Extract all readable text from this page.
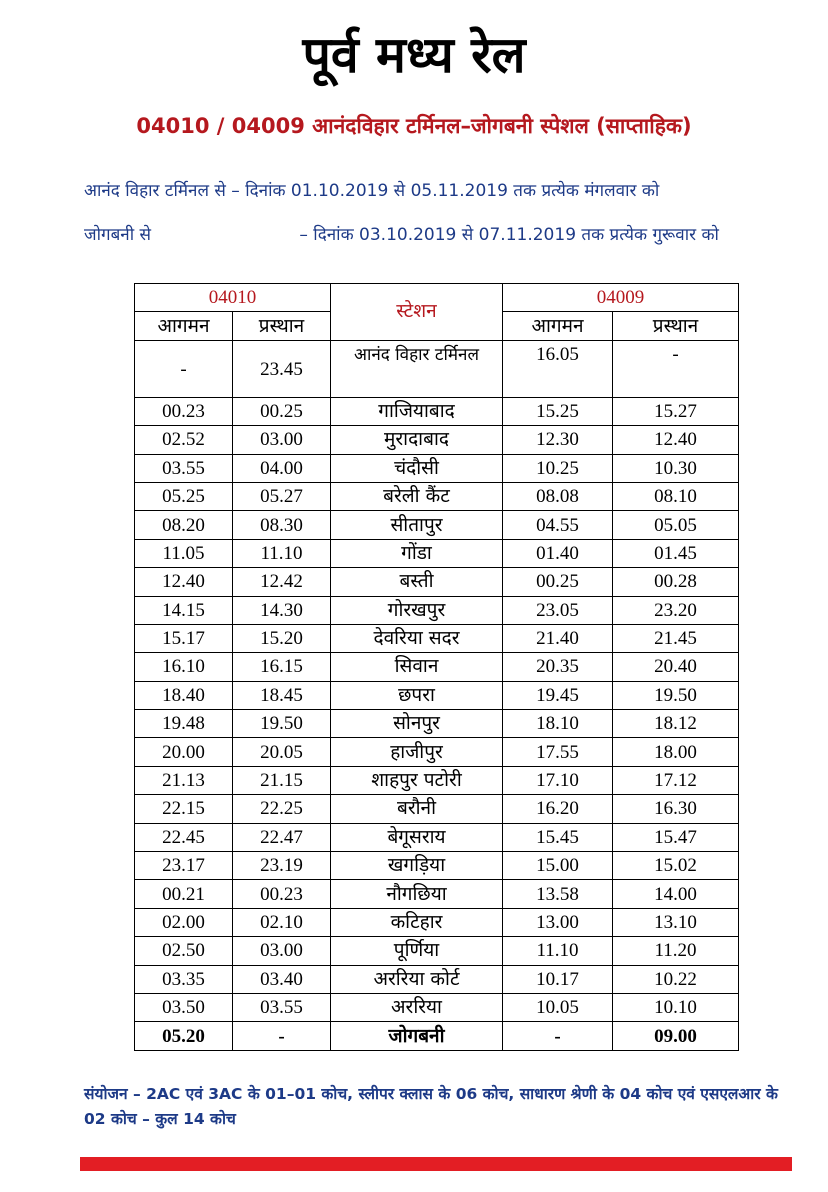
पूर्व मध्य रेल
04010 / 04009 आनंदविहार टर्मिनल–जोगबनी स्पेशल (साप्ताहिक)
आनंद विहार टर्मिनल से – दिनांक 01.10.2019 से 05.11.2019 तक प्रत्येक मंगलवार को
जोगबनी से	– दिनांक 03.10.2019 से 07.11.2019 तक प्रत्येक गुरूवार को
04010		स्टेशन	04009	
आगमन	प्रस्थान		आगमन	प्रस्थान
-	23.45	आनंद विहार टर्मिनल	16.05	-
00.23	00.25	गाजियाबाद	15.25	15.27
02.52	03.00	मुरादाबाद	12.30	12.40
03.55	04.00	चंदौसी	10.25	10.30
05.25	05.27	बरेली कैंट	08.08	08.10
08.20	08.30	सीतापुर	04.55	05.05
11.05	11.10	गोंडा	01.40	01.45
12.40	12.42	बस्ती	00.25	00.28
14.15	14.30	गोरखपुर	23.05	23.20
15.17	15.20	देवरिया सदर	21.40	21.45
16.10	16.15	सिवान	20.35	20.40
18.40	18.45	छपरा	19.45	19.50
19.48	19.50	सोनपुर	18.10	18.12
20.00	20.05	हाजीपुर	17.55	18.00
21.13	21.15	शाहपुर पटोरी	17.10	17.12
22.15	22.25	बरौनी	16.20	16.30
22.45	22.47	बेगूसराय	15.45	15.47
23.17	23.19	खगड़िया	15.00	15.02
00.21	00.23	नौगछिया	13.58	14.00
02.00	02.10	कटिहार	13.00	13.10
02.50	03.00	पूर्णिया	11.10	11.20
03.35	03.40	अररिया कोर्ट	10.17	10.22
03.50	03.55	अररिया	10.05	10.10
05.20	-	जोगबनी	-	09.00
संयोजन – 2AC एवं 3AC के 01–01 कोच, स्लीपर क्लास के 06 कोच, साधारण श्रेणी के 04 कोच एवं एसएलआर के 02 कोच – कुल 14 कोच
